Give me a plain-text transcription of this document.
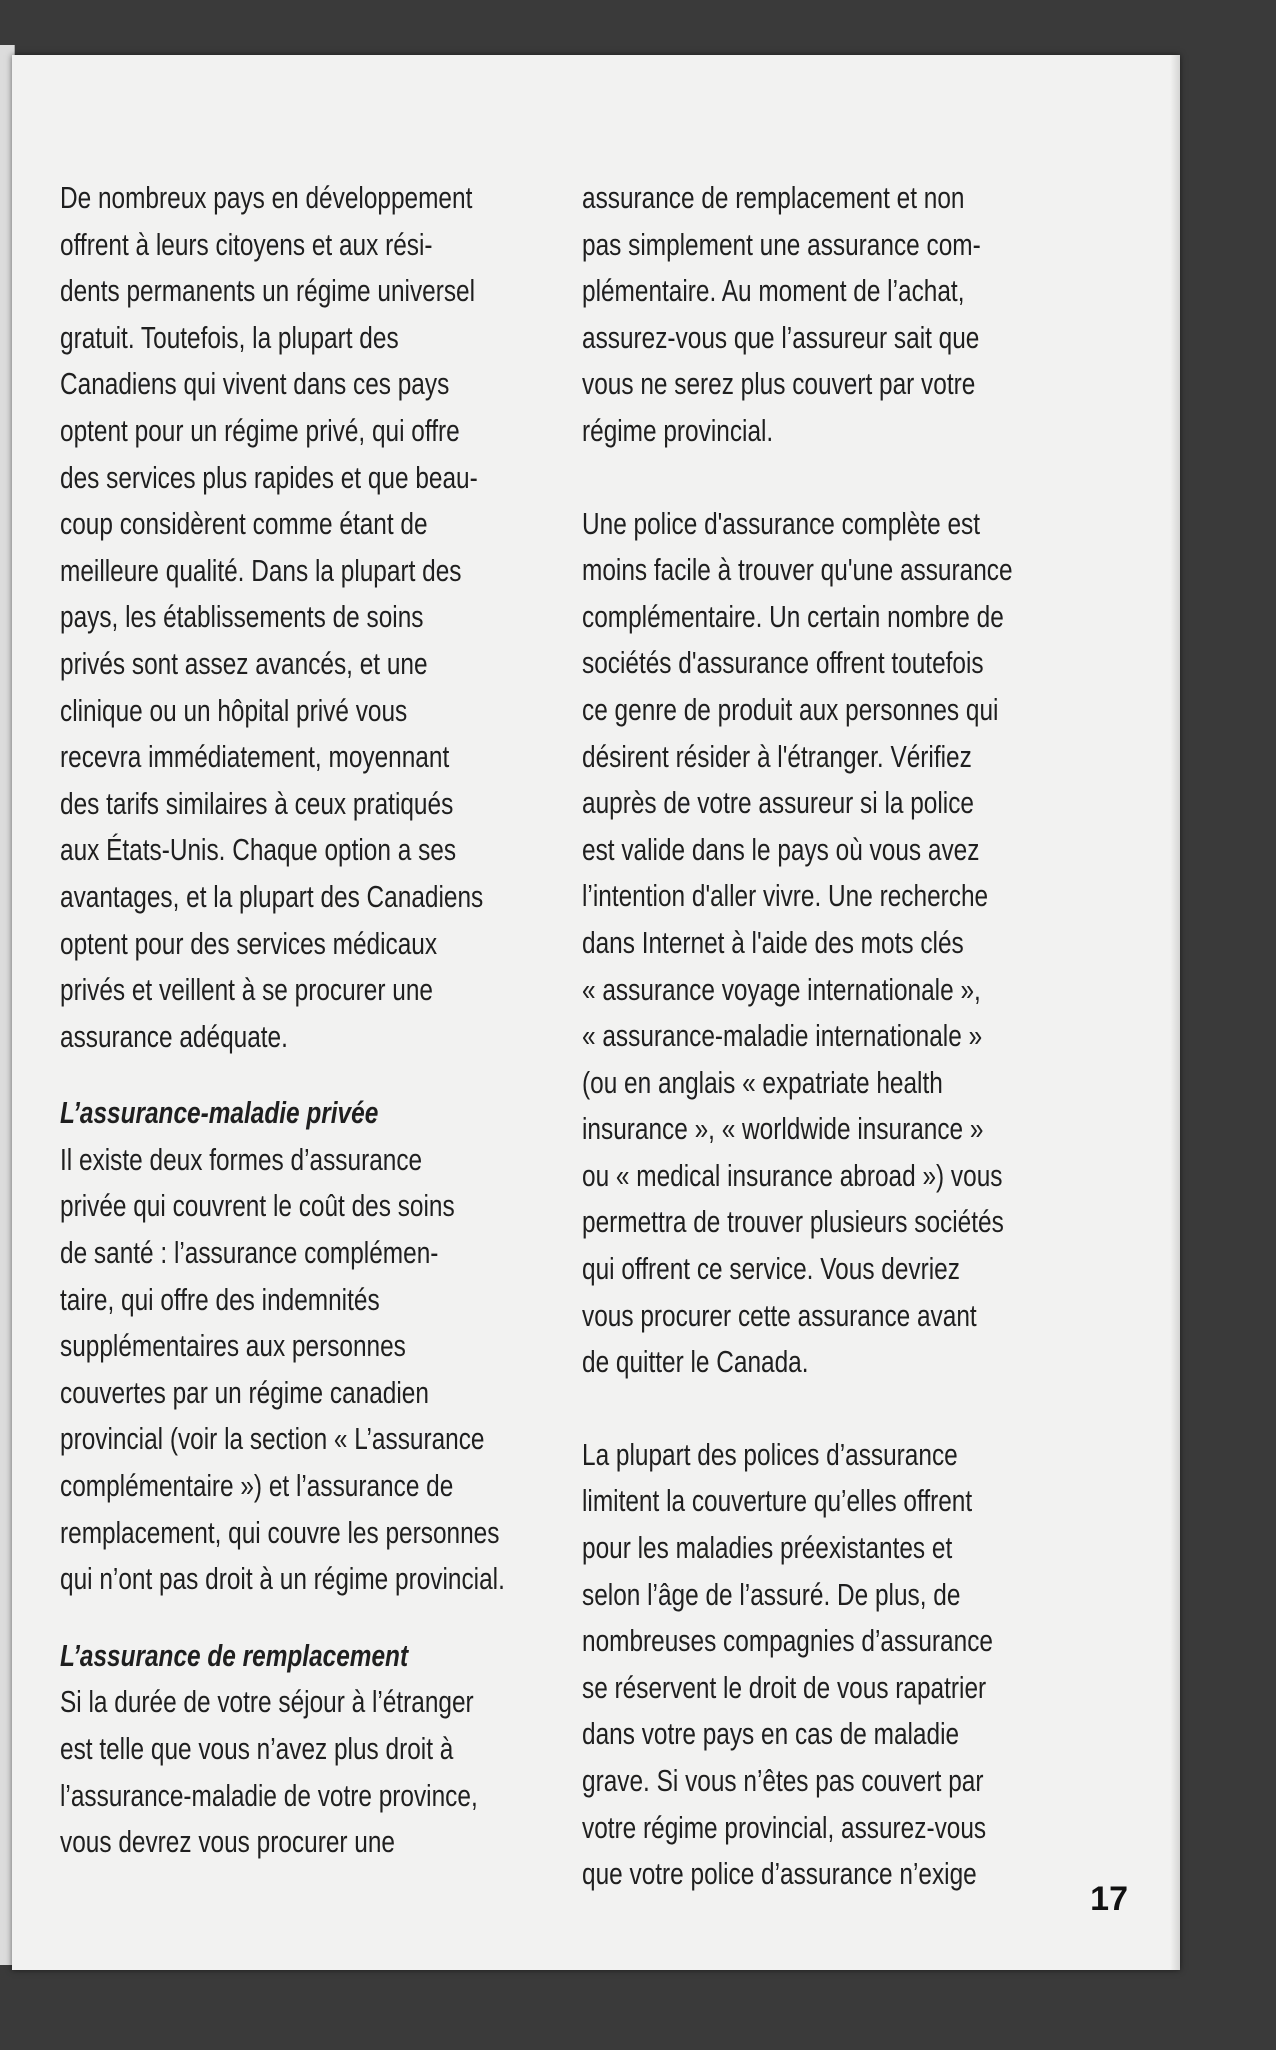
De nombreux pays en développement
offrent à leurs citoyens et aux rési-
dents permanents un régime universel
gratuit. Toutefois, la plupart des
Canadiens qui vivent dans ces pays
optent pour un régime privé, qui offre
des services plus rapides et que beau-
coup considèrent comme étant de
meilleure qualité. Dans la plupart des
pays, les établissements de soins
privés sont assez avancés, et une
clinique ou un hôpital privé vous
recevra immédiatement, moyennant
des tarifs similaires à ceux pratiqués
aux États-Unis. Chaque option a ses
avantages, et la plupart des Canadiens
optent pour des services médicaux
privés et veillent à se procurer une
assurance adéquate.

L’assurance-maladie privée

Il existe deux formes d’assurance
privée qui couvrent le coût des soins
de santé : l’assurance complémen-
taire, qui offre des indemnités
supplémentaires aux personnes
couvertes par un régime canadien
provincial (voir la section « L’assurance
complémentaire ») et l’assurance de
remplacement, qui couvre les personnes
qui n’ont pas droit à un régime provincial.

L’assurance de remplacement

Si la durée de votre séjour à l’étranger
est telle que vous n’avez plus droit à
l’assurance-maladie de votre province,
vous devrez vous procurer une

assurance de remplacement et non
pas simplement une assurance com-
plémentaire. Au moment de l’achat,
assurez-vous que l’assureur sait que
vous ne serez plus couvert par votre
régime provincial.

Une police d'assurance complète est
moins facile à trouver qu'une assurance
complémentaire. Un certain nombre de
sociétés d'assurance offrent toutefois
ce genre de produit aux personnes qui
désirent résider à l'étranger. Vérifiez
auprès de votre assureur si la police
est valide dans le pays où vous avez
l’intention d'aller vivre. Une recherche
dans Internet à l'aide des mots clés
« assurance voyage internationale »,
« assurance-maladie internationale »
(ou en anglais « expatriate health
insurance », « worldwide insurance »
ou « medical insurance abroad ») vous
permettra de trouver plusieurs sociétés
qui offrent ce service. Vous devriez
vous procurer cette assurance avant
de quitter le Canada.

La plupart des polices d’assurance
limitent la couverture qu’elles offrent
pour les maladies préexistantes et
selon l’âge de l’assuré. De plus, de
nombreuses compagnies d’assurance
se réservent le droit de vous rapatrier
dans votre pays en cas de maladie
grave. Si vous n’êtes pas couvert par
votre régime provincial, assurez-vous
que votre police d’assurance n’exige

17
